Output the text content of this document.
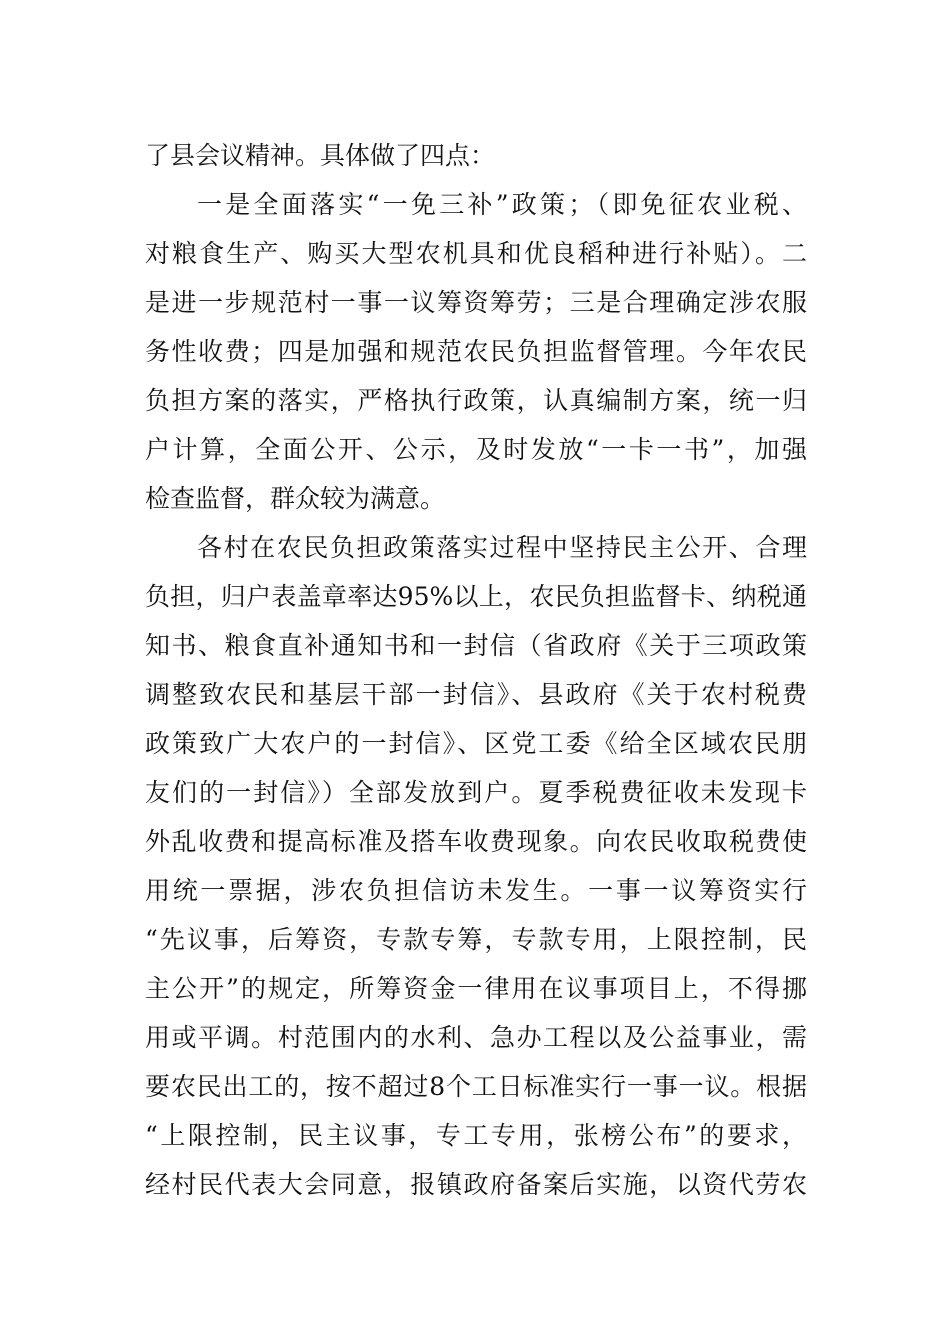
了县会议精神。具体做了四点：
一是全面落实“一免三补”政策；（即免征农业税、
对粮食生产、购买大型农机具和优良稻种进行补贴）。二
是进一步规范村一事一议筹资筹劳；三是合理确定涉农服
务性收费；四是加强和规范农民负担监督管理。今年农民
负担方案的落实，严格执行政策，认真编制方案，统一归
户计算，全面公开、公示，及时发放“一卡一书”，加强
检查监督，群众较为满意。
各村在农民负担政策落实过程中坚持民主公开、合理
负担，归户表盖章率达95%以上，农民负担监督卡、纳税通
知书、粮食直补通知书和一封信（省政府《关于三项政策
调整致农民和基层干部一封信》、县政府《关于农村税费
政策致广大农户的一封信》、区党工委《给全区域农民朋
友们的一封信》）全部发放到户。夏季税费征收未发现卡
外乱收费和提高标准及搭车收费现象。向农民收取税费使
用统一票据，涉农负担信访未发生。一事一议筹资实行
“先议事，后筹资，专款专筹，专款专用，上限控制，民
主公开”的规定，所筹资金一律用在议事项目上，不得挪
用或平调。村范围内的水利、急办工程以及公益事业，需
要农民出工的，按不超过8个工日标准实行一事一议。根据
“上限控制，民主议事，专工专用，张榜公布”的要求，
经村民代表大会同意，报镇政府备案后实施，以资代劳农
